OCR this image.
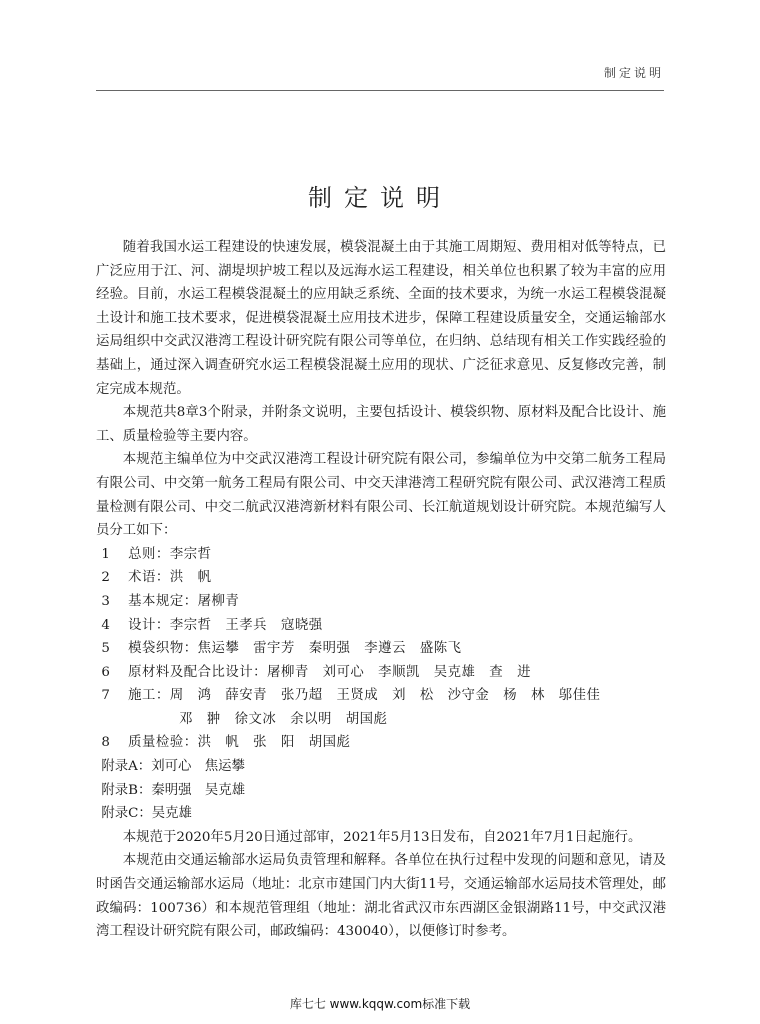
制定说明
制定说明

随着我国水运工程建设的快速发展，模袋混凝土由于其施工周期短、费用相对低等特点，已广泛应用于江、河、湖堤坝护坡工程以及远海水运工程建设，相关单位也积累了较为丰富的应用经验。目前，水运工程模袋混凝土的应用缺乏系统、全面的技术要求，为统一水运工程模袋混凝土设计和施工技术要求，促进模袋混凝土应用技术进步，保障工程建设质量安全，交通运输部水运局组织中交武汉港湾工程设计研究院有限公司等单位，在归纳、总结现有相关工作实践经验的基础上，通过深入调查研究水运工程模袋混凝土应用的现状、广泛征求意见、反复修改完善，制定完成本规范。

本规范共8章3个附录，并附条文说明，主要包括设计、模袋织物、原材料及配合比设计、施工、质量检验等主要内容。

本规范主编单位为中交武汉港湾工程设计研究院有限公司，参编单位为中交第二航务工程局有限公司、中交第一航务工程局有限公司、中交天津港湾工程研究院有限公司、武汉港湾工程质量检测有限公司、中交二航武汉港湾新材料有限公司、长江航道规划设计研究院。本规范编写人员分工如下：

1	总则：李宗哲
2	术语：洪　帆
3	基本规定：屠柳青
4	设计：李宗哲　王孝兵　寇晓强
5	模袋织物：焦运攀　雷宇芳　秦明强　李遵云　盛陈飞
6	原材料及配合比设计：屠柳青　刘可心　李顺凯　吴克雄　查　进
7	施工：周　鸿　薛安青　张乃超　王贤成　刘　松　沙守金　杨　林　邬佳佳
邓　翀　徐文冰　余以明　胡国彪
8	质量检验：洪　帆　张　阳　胡国彪
附录A：刘可心　焦运攀
附录B：秦明强　吴克雄
附录C：吴克雄

本规范于2020年5月20日通过部审，2021年5月13日发布，自2021年7月1日起施行。

本规范由交通运输部水运局负责管理和解释。各单位在执行过程中发现的问题和意见，请及时函告交通运输部水运局（地址：北京市建国门内大街11号，交通运输部水运局技术管理处，邮政编码：100736）和本规范管理组（地址：湖北省武汉市东西湖区金银湖路11号，中交武汉港湾工程设计研究院有限公司，邮政编码：430040），以便修订时参考。

库七七 www.kqqw.com标准下载
